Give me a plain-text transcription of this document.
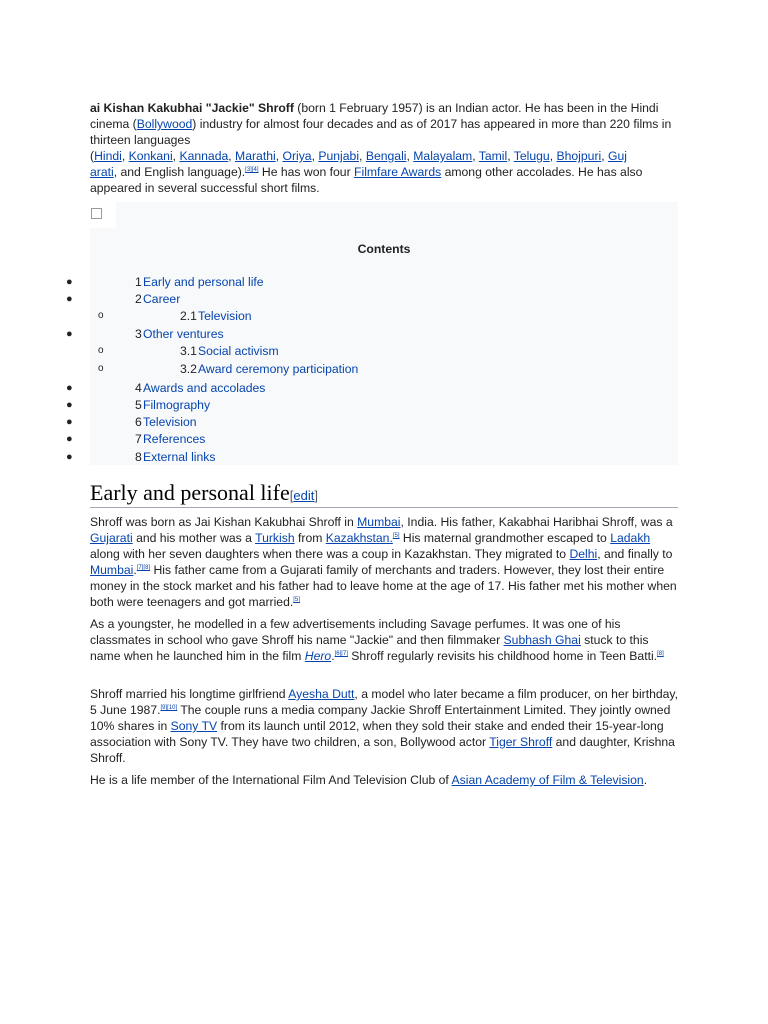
ai Kishan Kakubhai "Jackie" Shroff (born 1 February 1957) is an Indian actor. He has been in the Hindi cinema (Bollywood) industry for almost four decades and as of 2017 has appeared in more than 220 films in thirteen languages
(Hindi, Konkani, Kannada, Marathi, Oriya, Punjabi, Bengali, Malayalam, Tamil, Telugu, Bhojpuri, Guj
arati, and English language).[3][4] He has won four Filmfare Awards among other accolades. He has also appeared in several successful short films.

Contents
●	1 Early and personal life
●	2 Career
o	2.1 Television
●	3 Other ventures
o	3.1 Social activism
o	3.2 Award ceremony participation
●	4 Awards and accolades
●	5 Filmography
●	6 Television
●	7 References
●	8 External links
Early and personal life[edit]

Shroff was born as Jai Kishan Kakubhai Shroff in Mumbai, India. His father, Kakabhai Haribhai Shroff, was a Gujarati and his mother was a Turkish from Kazakhstan.[5] His maternal grandmother escaped to Ladakh along with her seven daughters when there was a coup in Kazakhstan. They migrated to Delhi, and finally to Mumbai.[7][8] His father came from a Gujarati family of merchants and traders. However, they lost their entire money in the stock market and his father had to leave home at the age of 17. His father met his mother when both were teenagers and got married.[5]

As a youngster, he modelled in a few advertisements including Savage perfumes. It was one of his classmates in school who gave Shroff his name "Jackie" and then filmmaker Subhash Ghai stuck to this name when he launched him in the film Hero.[6][7] Shroff regularly revisits his childhood home in Teen Batti.[8]

Shroff married his longtime girlfriend Ayesha Dutt, a model who later became a film producer, on her birthday, 5 June 1987.[9][10] The couple runs a media company Jackie Shroff Entertainment Limited. They jointly owned 10% shares in Sony TV from its launch until 2012, when they sold their stake and ended their 15-year-long association with Sony TV. They have two children, a son, Bollywood actor Tiger Shroff and daughter, Krishna Shroff.

He is a life member of the International Film And Television Club of Asian Academy of Film & Television.
